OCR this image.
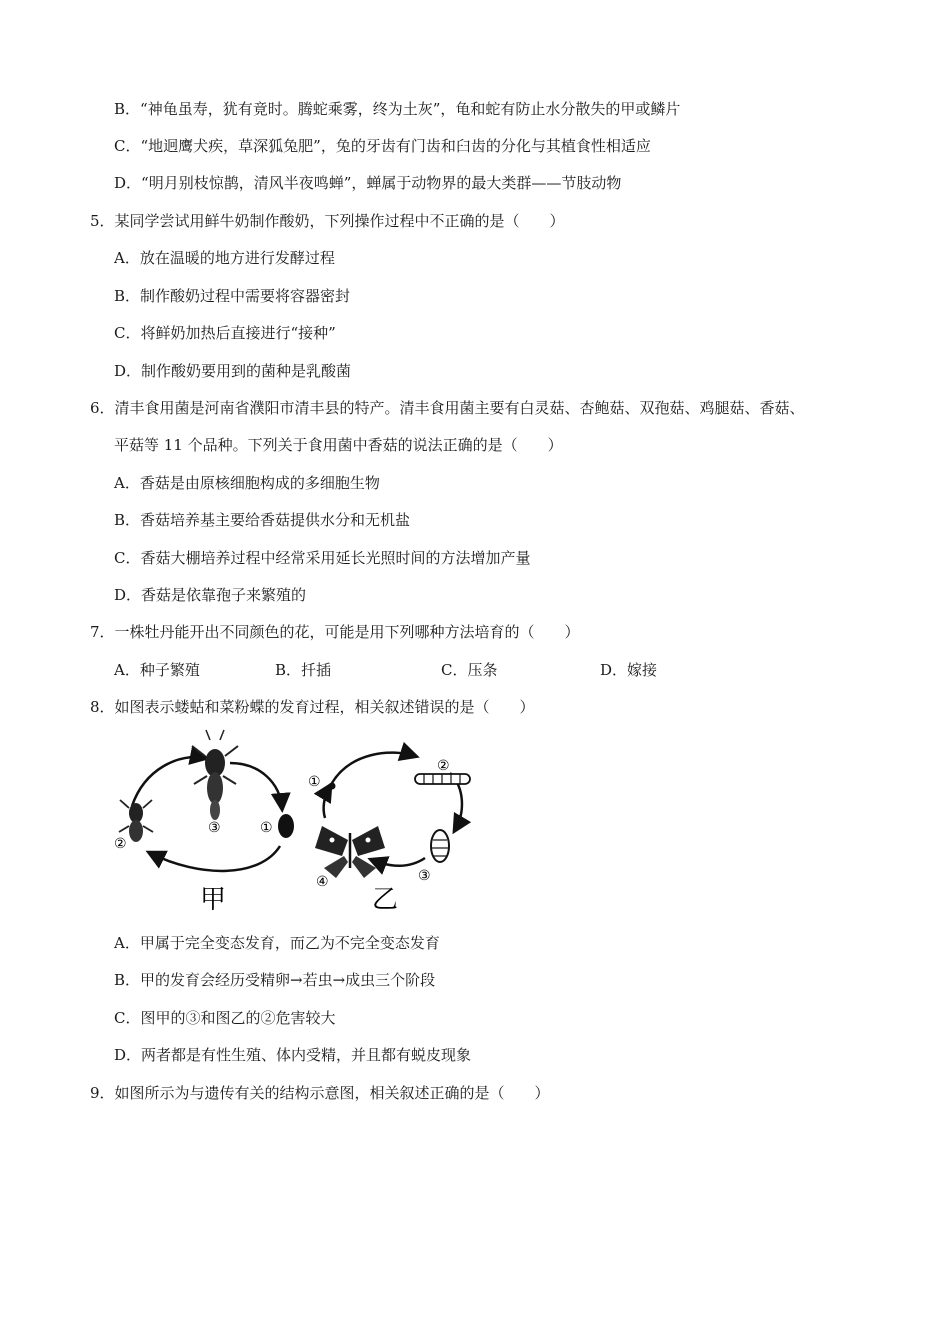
B．“神龟虽寿，犹有竟时。腾蛇乘雾，终为土灰”，龟和蛇有防止水分散失的甲或鳞片
C．“地迥鹰犬疾，草深狐兔肥”，兔的牙齿有门齿和臼齿的分化与其植食性相适应
D．“明月别枝惊鹊，清风半夜鸣蝉”，蝉属于动物界的最大类群——节肢动物
5．某同学尝试用鲜牛奶制作酸奶，下列操作过程中不正确的是（　　）
A．放在温暖的地方进行发酵过程
B．制作酸奶过程中需要将容器密封
C．将鲜奶加热后直接进行“接种”
D．制作酸奶要用到的菌种是乳酸菌
6．清丰食用菌是河南省濮阳市清丰县的特产。清丰食用菌主要有白灵菇、杏鲍菇、双孢菇、鸡腿菇、香菇、
平菇等 11 个品种。下列关于食用菌中香菇的说法正确的是（　　）
A．香菇是由原核细胞构成的多细胞生物
B．香菇培养基主要给香菇提供水分和无机盐
C．香菇大棚培养过程中经常采用延长光照时间的方法增加产量
D．香菇是依靠孢子来繁殖的
7．一株牡丹能开出不同颜色的花，可能是用下列哪种方法培育的（　　）
A．种子繁殖	B．扦插	C．压条	D．嫁接
8．如图表示蝼蛄和菜粉蝶的发育过程，相关叙述错误的是（　　）
③
②
①
甲
①
②
③
④
乙
A．甲属于完全变态发育，而乙为不完全变态发育
B．甲的发育会经历受精卵→若虫→成虫三个阶段
C．图甲的③和图乙的②危害较大
D．两者都是有性生殖、体内受精，并且都有蜕皮现象
9．如图所示为与遗传有关的结构示意图，相关叙述正确的是（　　）
